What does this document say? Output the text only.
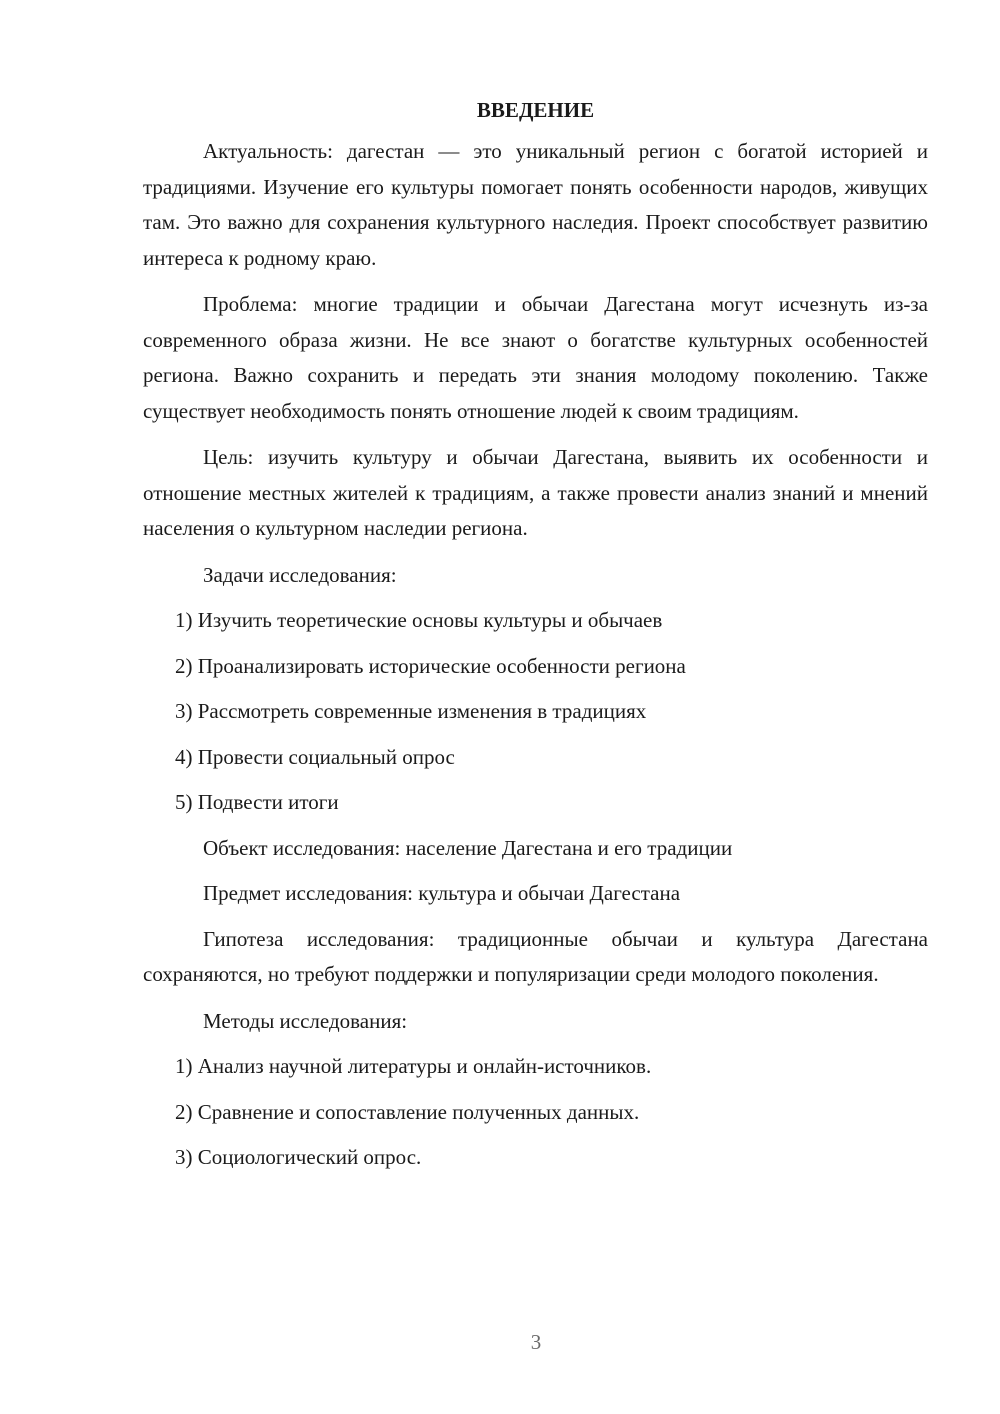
ВВЕДЕНИЕ

Актуальность: дагестан — это уникальный регион с богатой историей и традициями. Изучение его культуры помогает понять особенности народов, живущих там. Это важно для сохранения культурного наследия. Проект способствует развитию интереса к родному краю.

Проблема: многие традиции и обычаи Дагестана могут исчезнуть из-за современного образа жизни. Не все знают о богатстве культурных особенностей региона. Важно сохранить и передать эти знания молодому поколению. Также существует необходимость понять отношение людей к своим традициям.

Цель: изучить культуру и обычаи Дагестана, выявить их особенности и отношение местных жителей к традициям, а также провести анализ знаний и мнений населения о культурном наследии региона.

Задачи исследования:
1) Изучить теоретические основы культуры и обычаев
2) Проанализировать исторические особенности региона
3) Рассмотреть современные изменения в традициях
4) Провести социальный опрос
5) Подвести итоги
Объект исследования: население Дагестана и его традиции
Предмет исследования: культура и обычаи Дагестана

Гипотеза исследования: традиционные обычаи и культура Дагестана сохраняются, но требуют поддержки и популяризации среди молодого поколения.

Методы исследования:
1) Анализ научной литературы и онлайн-источников.
2) Сравнение и сопоставление полученных данных.
3) Социологический опрос.
3
